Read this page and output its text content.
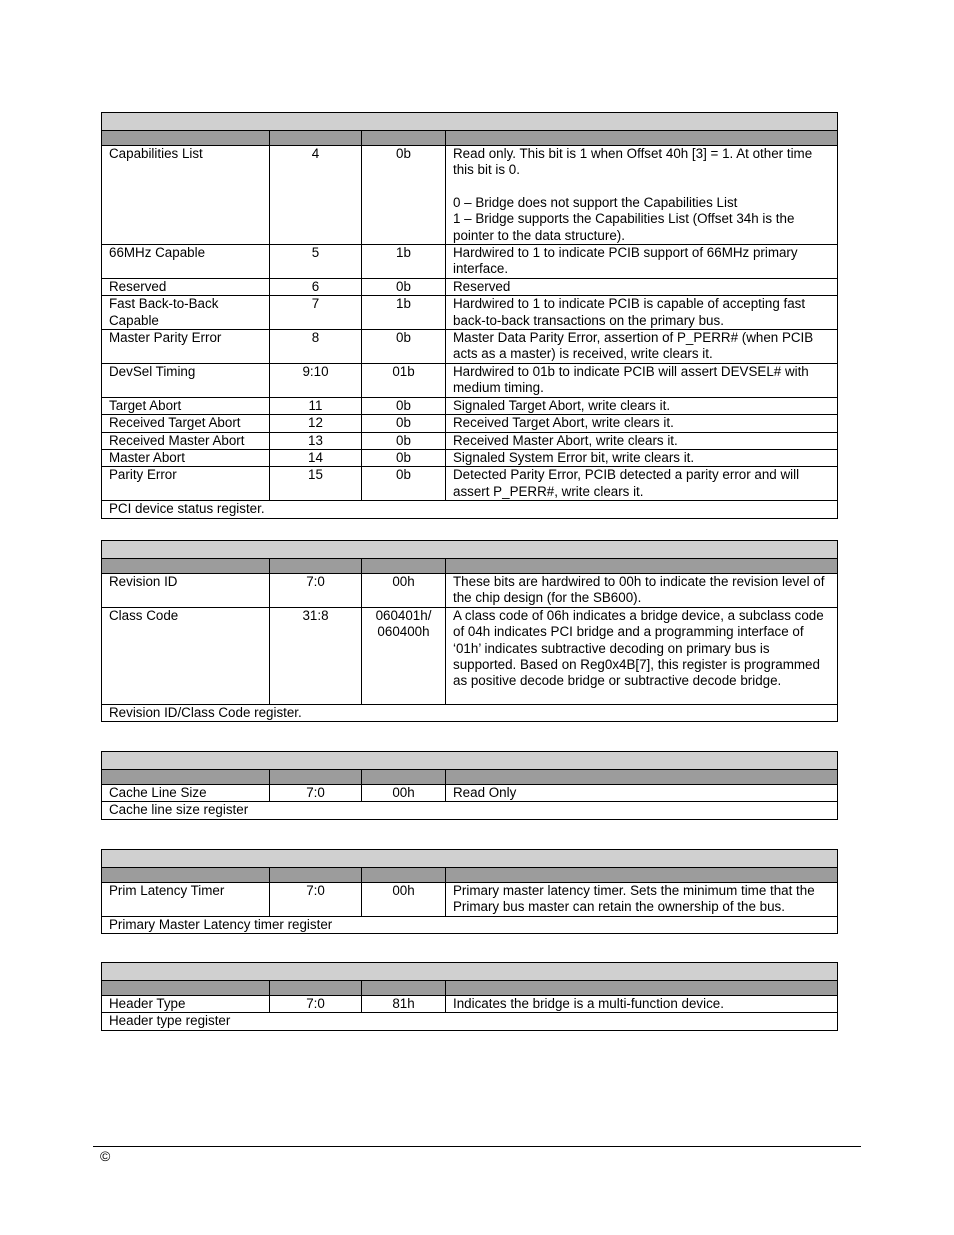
Capabilities List	4	0b	Read only. This bit is 1 when Offset 40h [3] = 1. At other time this bit is 0.
0 – Bridge does not support the Capabilities List
1 – Bridge supports the Capabilities List (Offset 34h is the pointer to the data structure).

66MHz Capable	5	1b	Hardwired to 1 to indicate PCIB support of 66MHz primary interface.
Reserved	6	0b	Reserved
Fast Back-to-Back Capable	7	1b	Hardwired to 1 to indicate PCIB is capable of accepting fast back-to-back transactions on the primary bus.
Master Parity Error	8	0b	Master Data Parity Error, assertion of P_PERR# (when PCIB acts as a master) is received, write clears it.
DevSel Timing	9:10	01b	Hardwired to 01b to indicate PCIB will assert DEVSEL# with medium timing.
Target Abort	11	0b	Signaled Target Abort, write clears it.
Received Target Abort	12	0b	Received Target Abort, write clears it.
Received Master Abort	13	0b	Received Master Abort, write clears it.
Master Abort	14	0b	Signaled System Error bit, write clears it.
Parity Error	15	0b	Detected Parity Error, PCIB detected a parity error and will assert P_PERR#, write clears it.
PCI device status register.			

Revision ID	7:0	00h	These bits are hardwired to 00h to indicate the revision level of the chip design (for the SB600).
Class Code	31:8	060401h/ 060400h	A class code of 06h indicates a bridge device, a subclass code of 04h indicates PCI bridge and a programming interface of ‘01h’ indicates subtractive decoding on primary bus is supported. Based on Reg0x4B[7], this register is programmed as positive decode bridge or subtractive decode bridge.
Revision ID/Class Code register.			

Cache Line Size	7:0	00h	Read Only
Cache line size register			

Prim Latency Timer	7:0	00h	Primary master latency timer. Sets the minimum time that the Primary bus master can retain the ownership of the bus.
Primary Master Latency timer register			

Header Type	7:0	81h	Indicates the bridge is a multi-function device.
Header type register			
©
